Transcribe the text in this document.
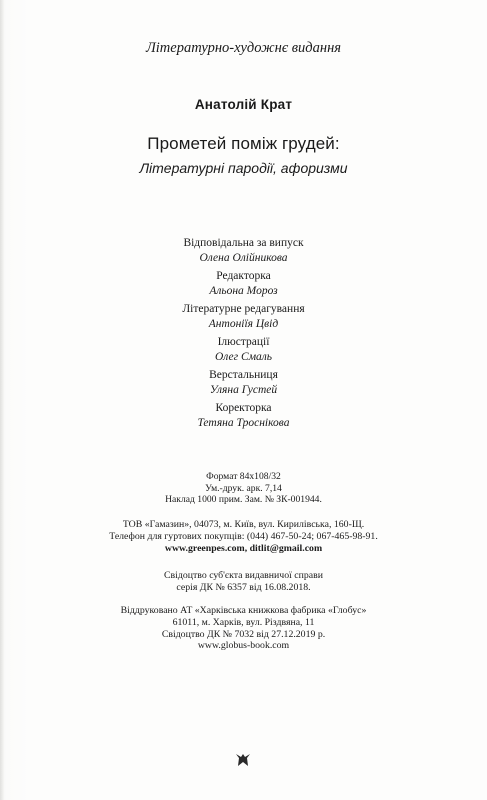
Літературно-художнє видання
Анатолій Крат
Прометей поміж грудей:
Літературні пародії, афоризми
Відповідальна за випуск
Олена Олійникова
Редакторка
Альона Мороз
Літературне редагування
Антоніїя Цвід
Ілюстрації
Олег Смаль
Верстальниця
Уляна Густей
Коректорка
Тетяна Тросніковa
Формат 84х108/32
Ум.-друк. арк. 7,14
Наклад 1000 прим. Зам. № ЗК-001944.
ТОВ «Гамазин», 04073, м. Київ, вул. Кирилівська, 160-Щ.
Телефон для гуртових покупців: (044) 467-50-24; 067-465-98-91.
www.greenpes.com, ditlit@gmail.com
Свідоцтво суб'єкта видавничої справи
серія ДК № 6357 від 16.08.2018.
Віддруковано АТ «Харківська книжкова фабрика «Глобус»
61011, м. Харків, вул. Різдвяна, 11
Свідоцтво ДК № 7032 від 27.12.2019 р.
www.globus-book.com
